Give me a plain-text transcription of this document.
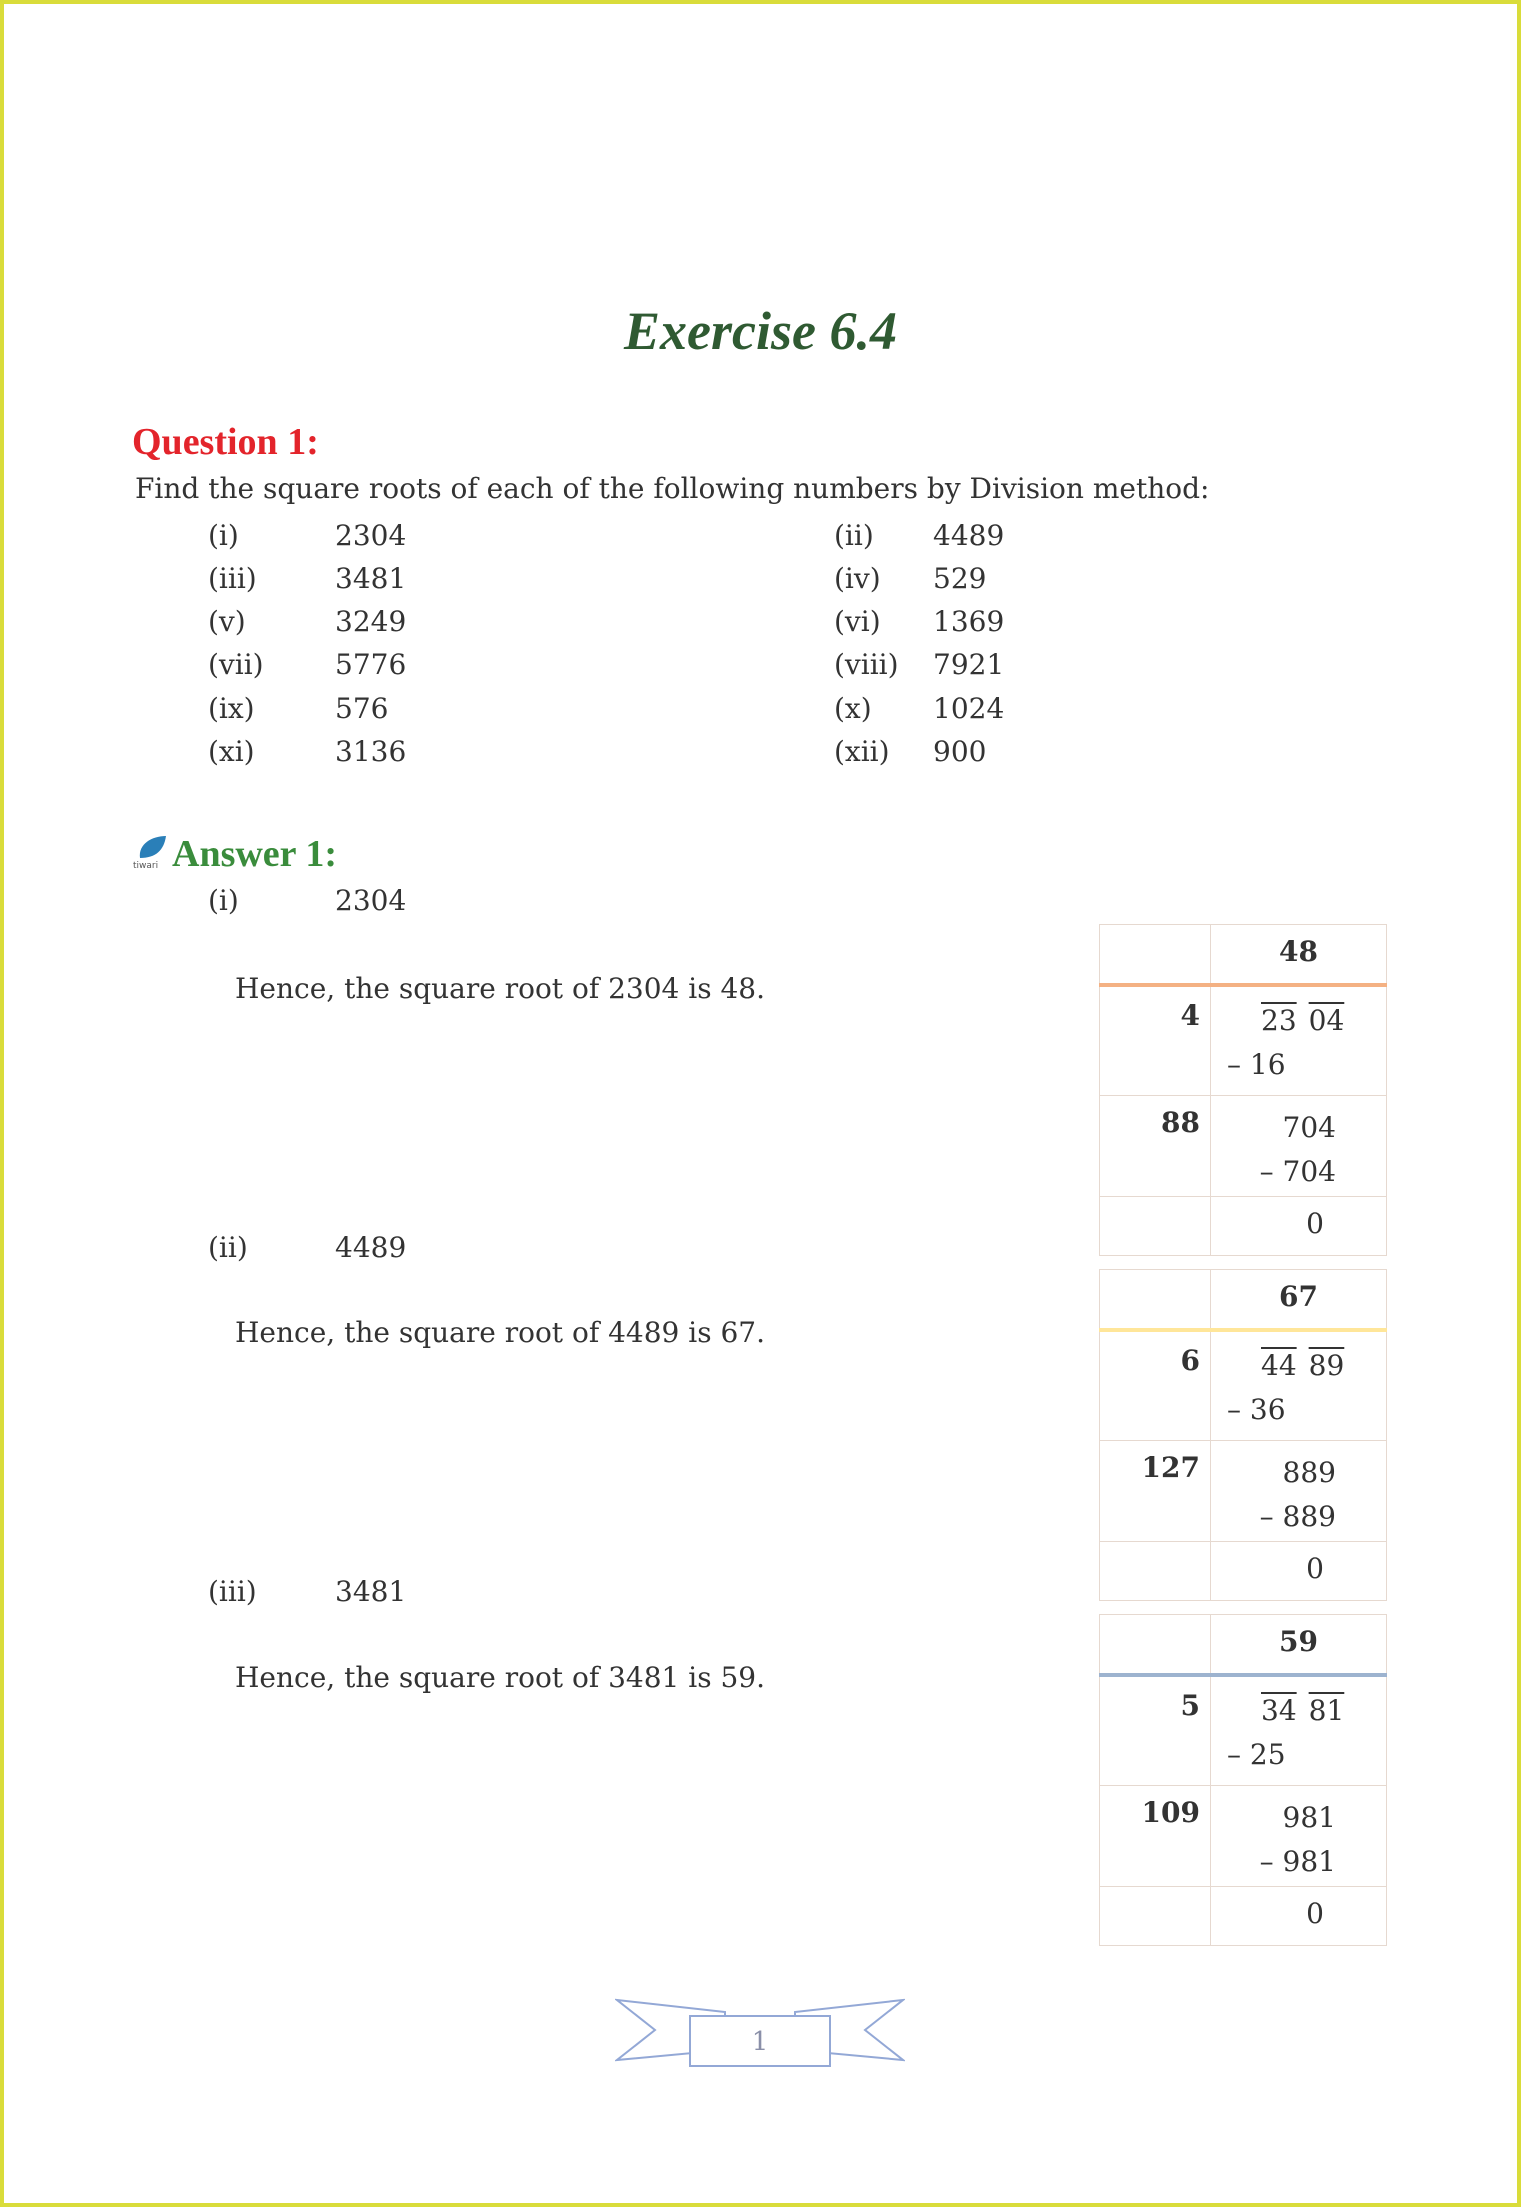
Exercise 6.4
Question 1:
Find the square roots of each of the following numbers by Division method:
(i)	2304	(ii) 4489
(iii)	3481	(iv) 529
(v)	3249	(vi) 1369
(vii)	5776	(viii) 7921
(ix)	576	(x) 1024
(xi)	3136	(xii) 900
tiwari Answer 1:
(i)	2304
Hence, the square root of 2304 is 48.
	48
4	23 04
– 16

88	704
– 704

	0
(ii)	4489
Hence, the square root of 4489 is 67.
	67
6	44 89
– 36

127	889
– 889

	0
(iii)	3481
Hence, the square root of 3481 is 59.
	59
5	34 81
– 25

109	981
– 981

	0
1
